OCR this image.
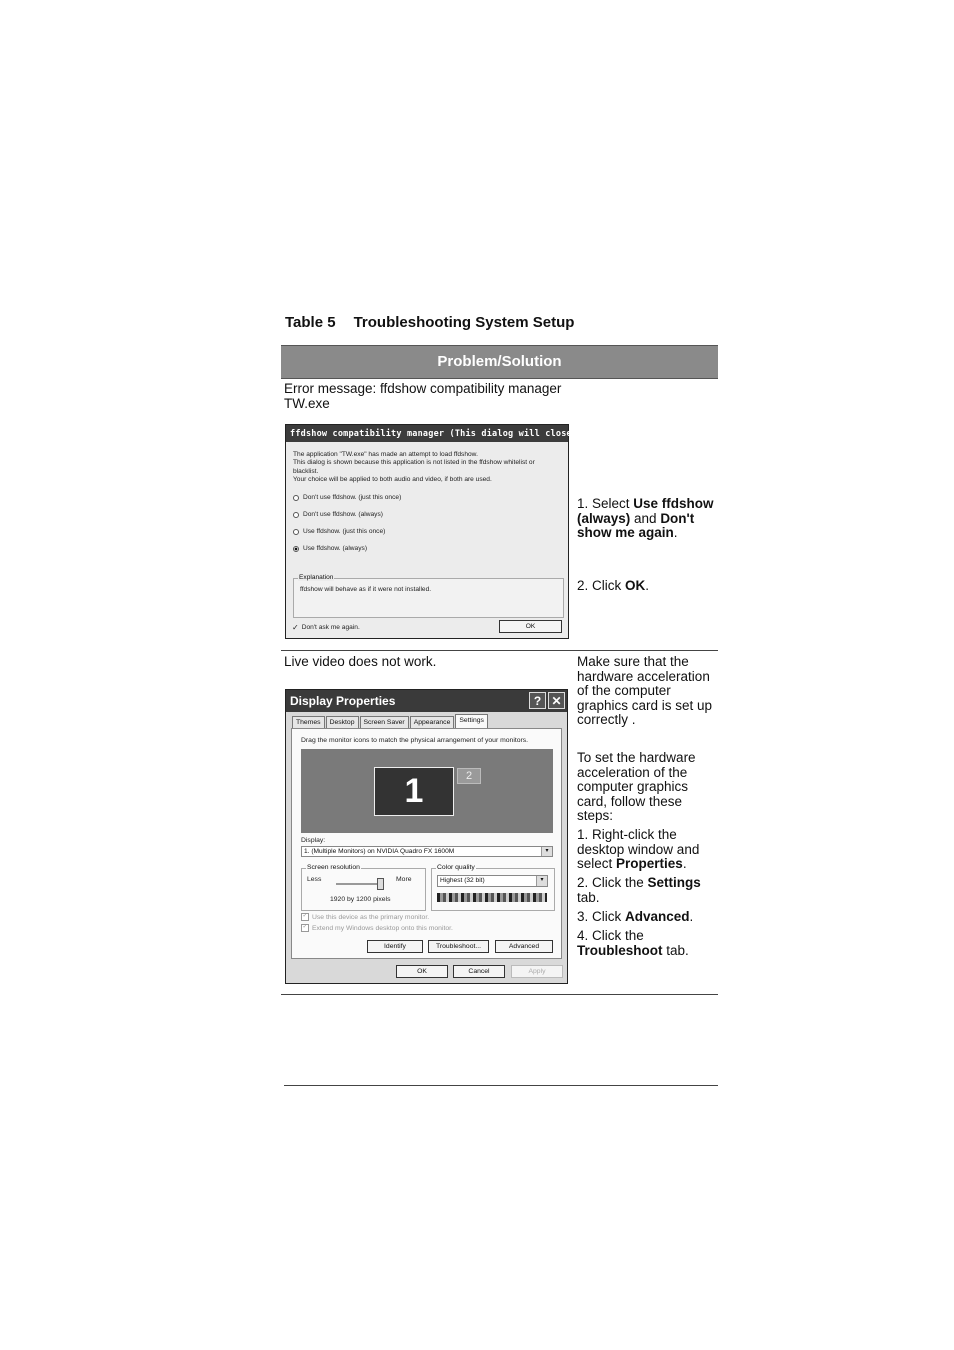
Table 5 Troubleshooting System Setup
Problem/Solution
Error message: ffdshow compatibility manager TW.exe
ffdshow compatibility manager (This dialog will close in 10 seconds.)
The application "TW.exe" has made an attempt to load ffdshow.
This dialog is shown because this application is not listed in the ffdshow whitelist or
blacklist.
Your choice will be applied to both audio and video, if both are used.
Don't use ffdshow. (just this once)
Don't use ffdshow. (always)
Use ffdshow. (just this once)
Use ffdshow. (always)
Explanation
ffdshow will behave as if it were not installed.
✓ Don't ask me again.	OK
1. Select Use ffdshow (always) and Don't show me again.
2. Click OK.
Live video does not work.	Make sure that the hardware acceleration of the computer graphics card is set up correctly .
To set the hardware acceleration of the computer graphics card, follow these steps:
1. Right-click the desktop window and select Properties.
2. Click the Settings tab.
3. Click Advanced.
4. Click the Troubleshoot tab.
Display Properties	? ✕
Themes	Desktop	Screen Saver	Appearance	Settings
Drag the monitor icons to match the physical arrangement of your monitors.
1	2
Display:
1. (Multiple Monitors) on NVIDIA Quadro FX 1600M	▾
Screen resolution
Less	More
1920 by 1200 pixels
Color quality
Highest (32 bit)	▾
✓ Use this device as the primary monitor.
✓ Extend my Windows desktop onto this monitor.
Identify	Troubleshoot...	Advanced
OK	Cancel	Apply
